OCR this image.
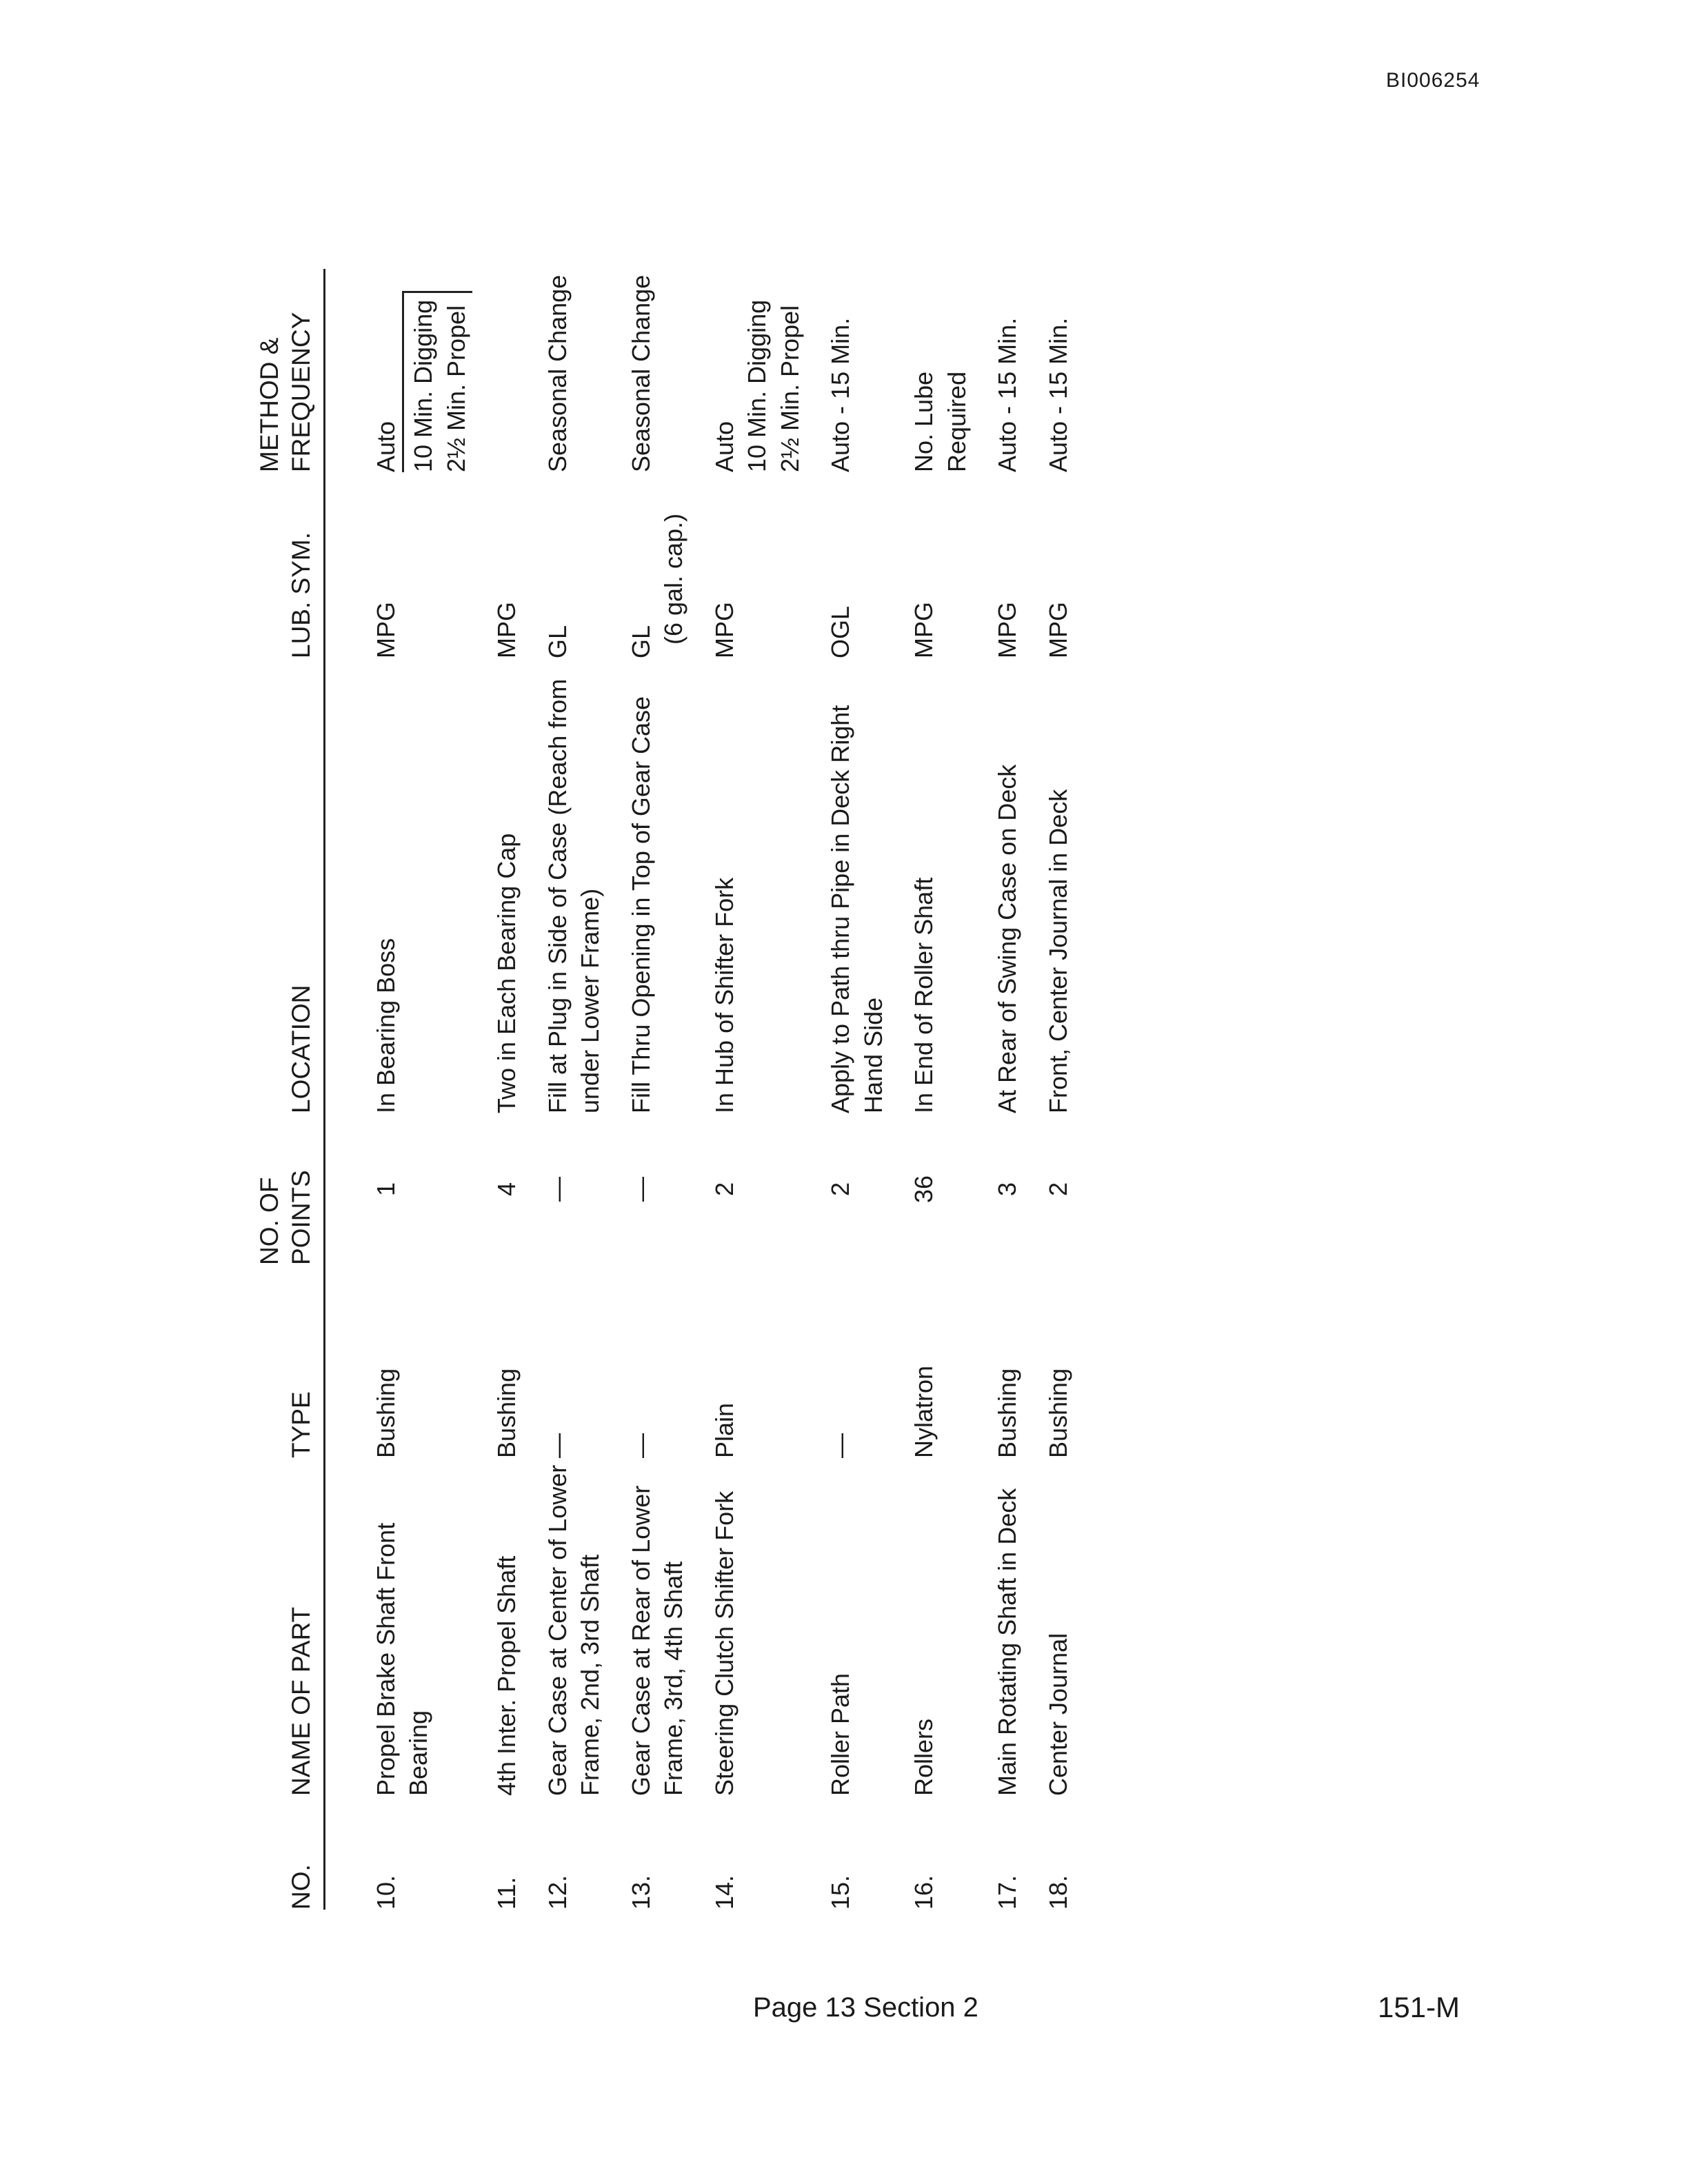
BI006254
NO.	NAME OF PART	TYPE	NO. OF POINTS	LOCATION	LUB. SYM.	METHOD & FREQUENCY
10.	Propel Brake Shaft Front Bearing	Bushing	1	In Bearing Boss	MPG	Auto 10 Min. Digging 2½ Min. Propel

11.	4th Inter. Propel Shaft	Bushing	4	Two in Each Bearing Cap	MPG	
12.	Gear Case at Center of Lower Frame, 2nd, 3rd Shaft	—	—	Fill at Plug in Side of Case (Reach from under Lower Frame)	GL	Seasonal Change
13.	Gear Case at Rear of Lower Frame, 3rd, 4th Shaft	—	—	Fill Thru Opening in Top of Gear Case	GL (6 gal. cap.)	Seasonal Change
14.	Steering Clutch Shifter Fork	Plain	2	In Hub of Shifter Fork	MPG	Auto 10 Min. Digging 2½ Min. Propel

15.	Roller Path	—	2	Apply to Path thru Pipe in Deck Right Hand Side	OGL	Auto - 15 Min.
16.	Rollers	Nylatron	36	In End of Roller Shaft	MPG	No. Lube Required
17.	Main Rotating Shaft in Deck	Bushing	3	At Rear of Swing Case on Deck	MPG	Auto - 15 Min.
18.	Center Journal	Bushing	2	Front, Center Journal in Deck	MPG	Auto - 15 Min.
Page 13 Section 2	151-M
